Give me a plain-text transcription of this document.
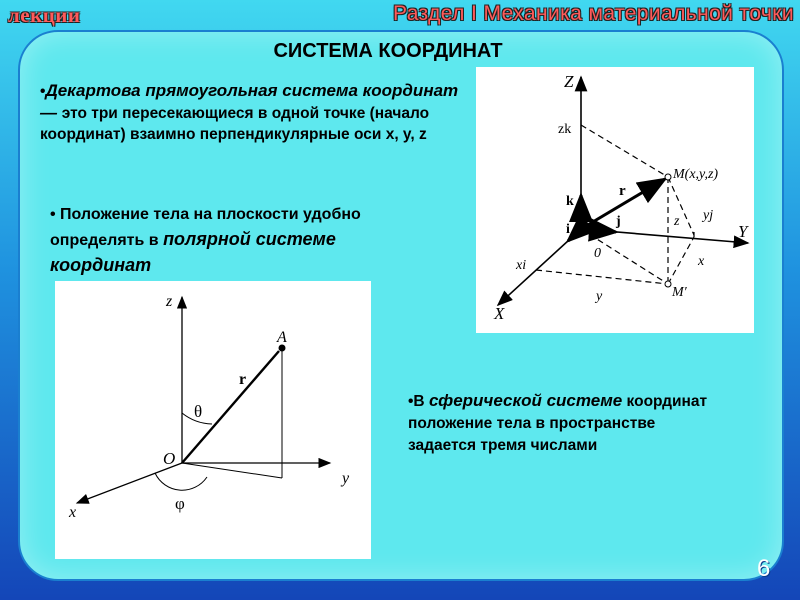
лекции	Раздел I Механика материальной точки
СИСТЕМА КООРДИНАТ
•Декартова прямоугольная система координат — это три пересекающиеся в одной точке (начало координат) взаимно перпендикулярные оси x, y, z
• Положение тела на плоскости удобно определять в полярной системе координат
•В сферической системе координат положение тела в пространстве задается тремя числами
Z
Y
X
zk
k
i
j
r
M(x,y,z)
M′
0
yj
xi
z
x
y
z
y
x
O
A
r
θ
φ
6
